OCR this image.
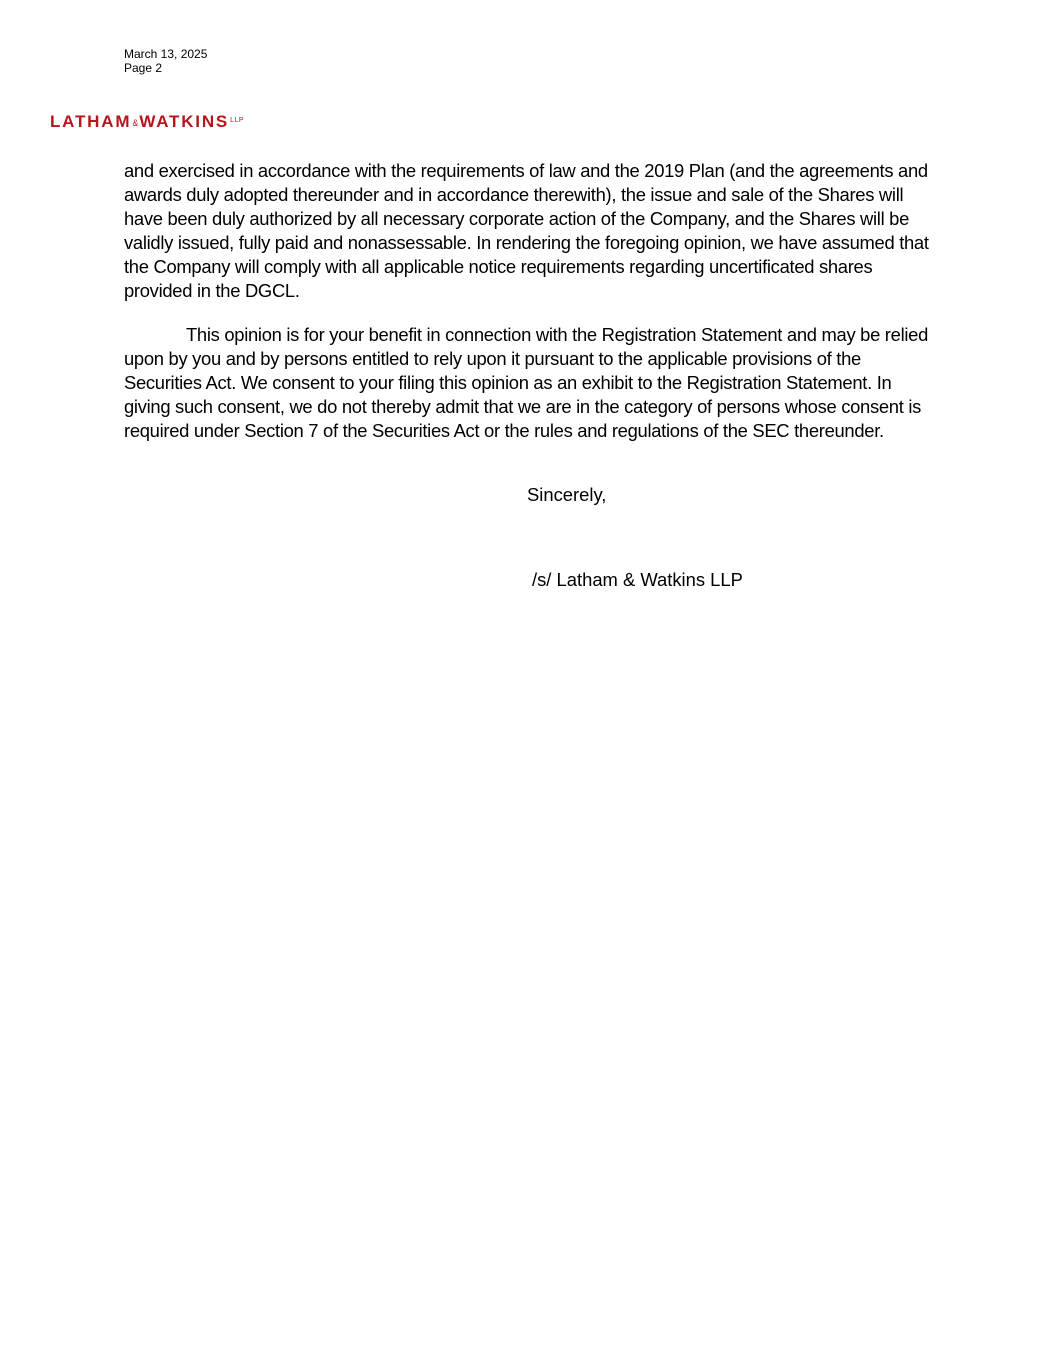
March 13, 2025
Page 2
$LATHAM\&WATKINS^{LLP}$

and exercised in accordance with the requirements of law and the 2019 Plan (and the agreements and awards duly adopted thereunder and in accordance therewith), the issue and sale of the Shares will have been duly authorized by all necessary corporate action of the Company, and the Shares will be validly issued, fully paid and nonassessable. In rendering the foregoing opinion, we have assumed that the Company will comply with all applicable notice requirements regarding uncertificated shares provided in the DGCL.

This opinion is for your benefit in connection with the Registration Statement and may be relied upon by you and by persons entitled to rely upon it pursuant to the applicable provisions of the Securities Act. We consent to your filing this opinion as an exhibit to the Registration Statement. In giving such consent, we do not thereby admit that we are in the category of persons whose consent is required under Section 7 of the Securities Act or the rules and regulations of the SEC thereunder.

Sincerely,
/s/ Latham & Watkins LLP
